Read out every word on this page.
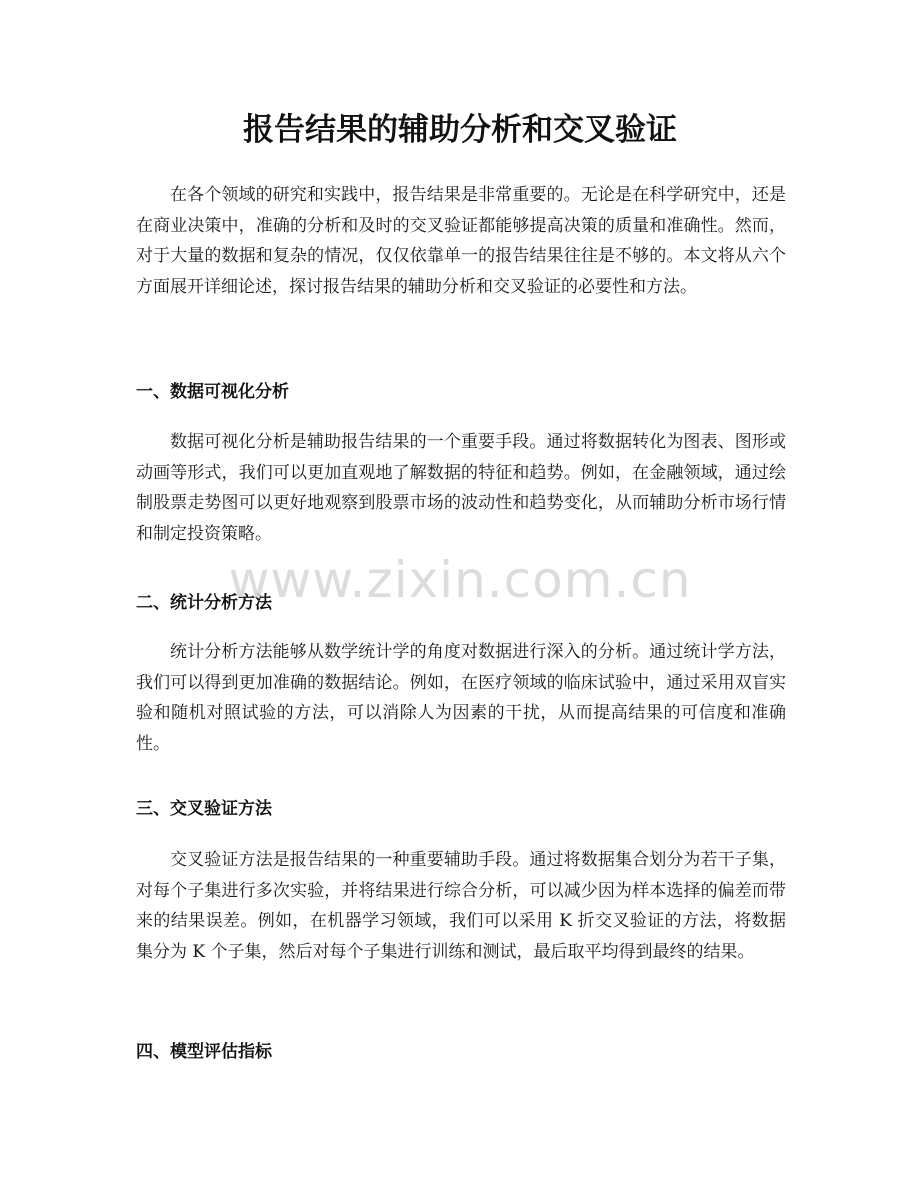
报告结果的辅助分析和交叉验证

在各个领域的研究和实践中，报告结果是非常重要的。无论是在科学研究中，还是在商业决策中，准确的分析和及时的交叉验证都能够提高决策的质量和准确性。然而，对于大量的数据和复杂的情况，仅仅依靠单一的报告结果往往是不够的。本文将从六个方面展开详细论述，探讨报告结果的辅助分析和交叉验证的必要性和方法。

一、数据可视化分析

数据可视化分析是辅助报告结果的一个重要手段。通过将数据转化为图表、图形或动画等形式，我们可以更加直观地了解数据的特征和趋势。例如，在金融领域，通过绘制股票走势图可以更好地观察到股票市场的波动性和趋势变化，从而辅助分析市场行情和制定投资策略。

二、统计分析方法

统计分析方法能够从数学统计学的角度对数据进行深入的分析。通过统计学方法，我们可以得到更加准确的数据结论。例如，在医疗领域的临床试验中，通过采用双盲实验和随机对照试验的方法，可以消除人为因素的干扰，从而提高结果的可信度和准确性。

三、交叉验证方法

交叉验证方法是报告结果的一种重要辅助手段。通过将数据集合划分为若干子集，对每个子集进行多次实验，并将结果进行综合分析，可以减少因为样本选择的偏差而带来的结果误差。例如，在机器学习领域，我们可以采用 K 折交叉验证的方法，将数据集分为 K 个子集，然后对每个子集进行训练和测试，最后取平均得到最终的结果。

四、模型评估指标
www.zixin.com.cn
